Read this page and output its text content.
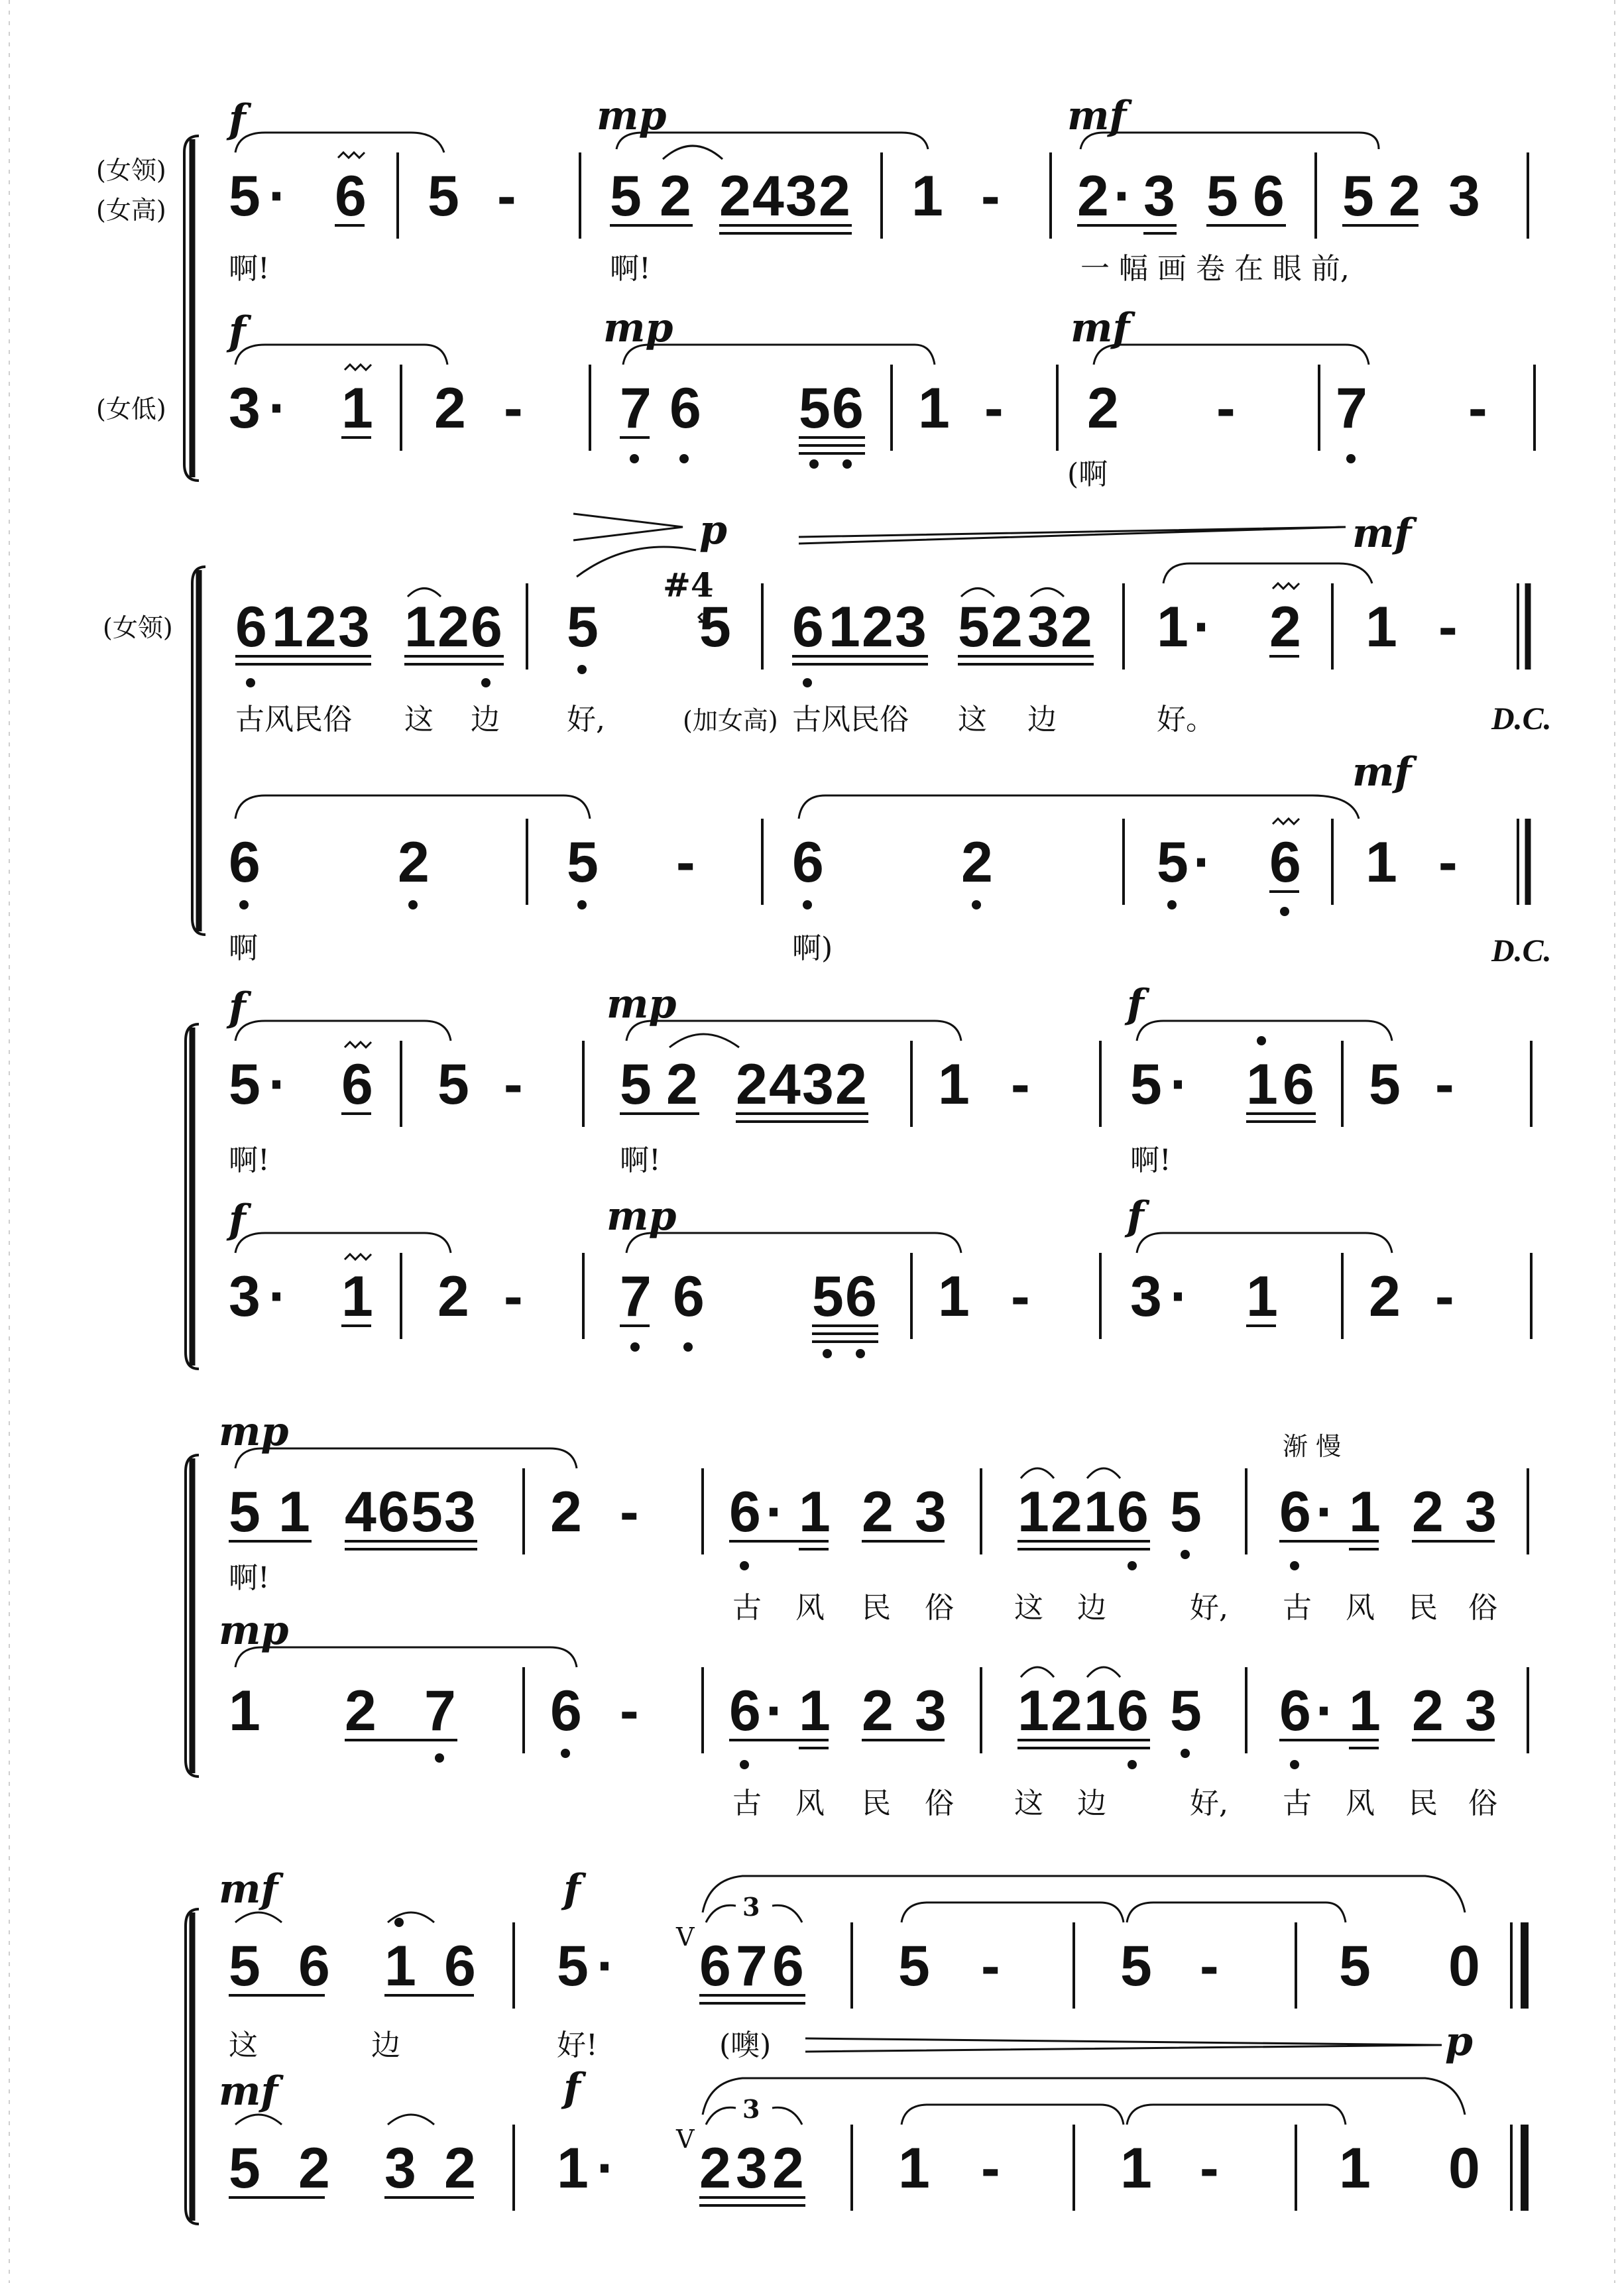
(女领)
(女高)
(女低)
f	mp	mf
f	mp	mf
5 · 6 5 - 5 2 2 4 3 2 1 - 2 · 3 5 6 5 2 3
啊!	啊!	一 幅 画 卷 在 眼 前,
3 · 1 2 - 7 6 5 6 1 - 2 - 7 -
(啊
(女领)
p	mf
mf
6 1 2 3 1 2 6 5
#4
5 6 1 2 3 5 2 3 2 1 · 2 1 -
古风民俗 这 边 好,	(加女高) 古风民俗 这 边	好。	D.C.
6 2 5 - 6 2	5 · 6 1 -
啊	啊)	D.C.
f	mp	f
f	mp	f
5 · 6 5 - 5 2 2 4 3 2 1 - 5 · 1 6 5 -
啊!	啊!	啊!
3 · 1 2 - 7 6 5 6 1 - 3 · 1 2 -
mp
mp
渐 慢
5 1 4 6 5 3 2 - 6 · 1 2 3 1 2 1 6 5 6 · 1 2 3
啊!
古 风 民 俗 这 边	好, 古 风 民 俗
1 2 7 6 - 6 · 1 2 3 1 2 1 6 5 6 · 1 2 3
古 风 民 俗 这 边	好, 古 风 民 俗
mf	f
mf	f
5 6 1 6 5 · 6 7 6 5 - 5 - 5 0
V
3
这	边	好!	(噢)	p
5 2 3 2 1 · 2 3 2 1 - 1 - 1 0
V
3
